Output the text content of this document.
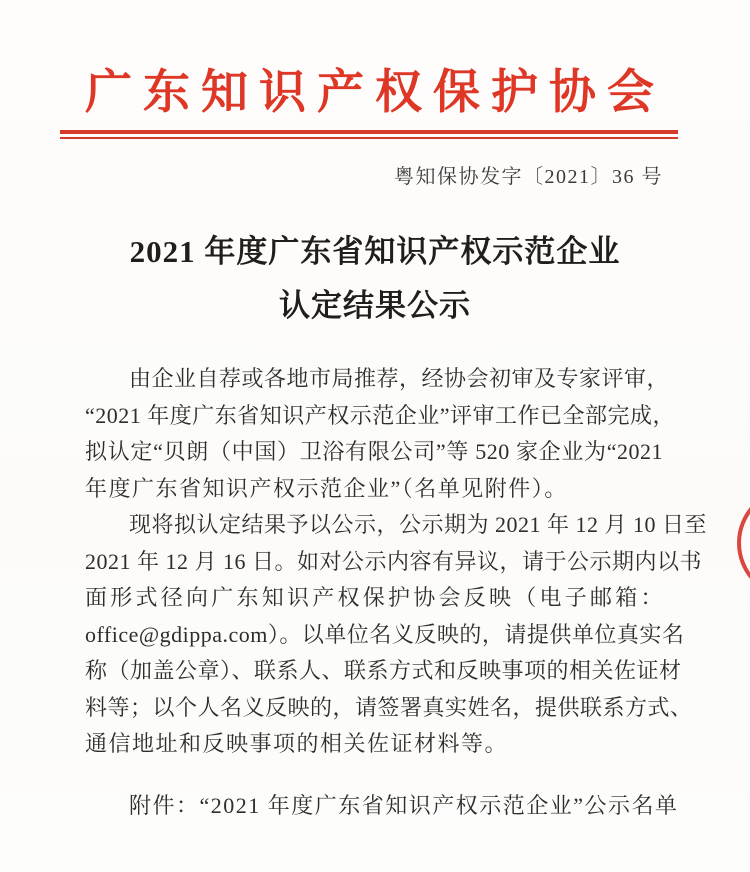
广东知识产权保护协会
粤知保协发字〔2021〕36 号
2021 年度广东省知识产权示范企业
认定结果公示
由企业自荐或各地市局推荐，经协会初审及专家评审，
“2021 年度广东省知识产权示范企业”评审工作已全部完成，
拟认定“贝朗（中国）卫浴有限公司”等 520 家企业为“2021
年度广东省知识产权示范企业”（名单见附件）。
现将拟认定结果予以公示，公示期为 2021 年 12 月 10 日至
2021 年 12 月 16 日。如对公示内容有异议，请于公示期内以书
面形式径向广东知识产权保护协会反映（电子邮箱：
office@gdippa.com）。以单位名义反映的，请提供单位真实名
称（加盖公章）、联系人、联系方式和反映事项的相关佐证材
料等；以个人名义反映的，请签署真实姓名，提供联系方式、
通信地址和反映事项的相关佐证材料等。
附件：“2021 年度广东省知识产权示范企业”公示名单
